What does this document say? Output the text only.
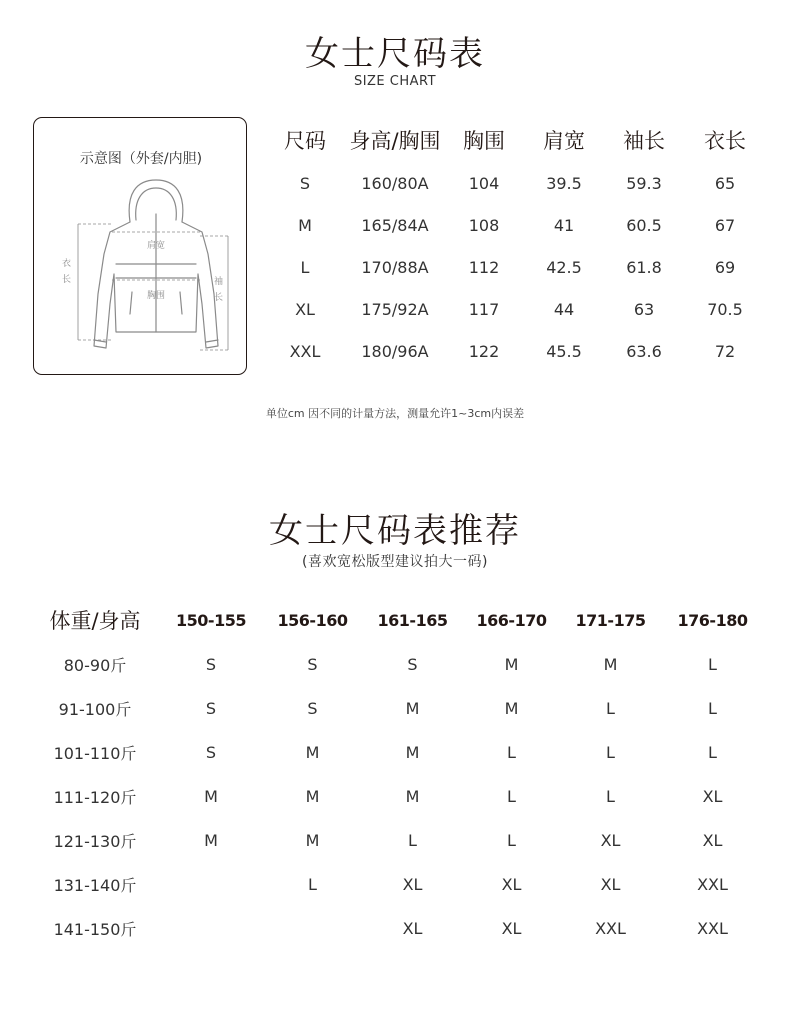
女士尺码表
SIZE CHART
示意图（外套/内胆)
肩宽
胸围
衣长	袖长
尺码	身高/胸围	胸围	肩宽	袖长	衣长
S	160/80A	104	39.5	59.3	65
M	165/84A	108	41	60.5	67
L	170/88A	112	42.5	61.8	69
XL	175/92A	117	44	63	70.5
XXL	180/96A	122	45.5	63.6	72
单位cm 因不同的计量方法，测量允许1~3cm内误差
女士尺码表推荐
(喜欢宽松版型建议拍大一码)
体重/身高	150-155	156-160	161-165	166-170	171-175	176-180
80-90斤	S	S	S	M	M	L
91-100斤	S	S	M	M	L	L
101-110斤	S	M	M	L	L	L
111-120斤	M	M	M	L	L	XL
121-130斤	M	M	L	L	XL	XL
131-140斤		L	XL	XL	XL	XXL
141-150斤			XL	XL	XXL	XXL
